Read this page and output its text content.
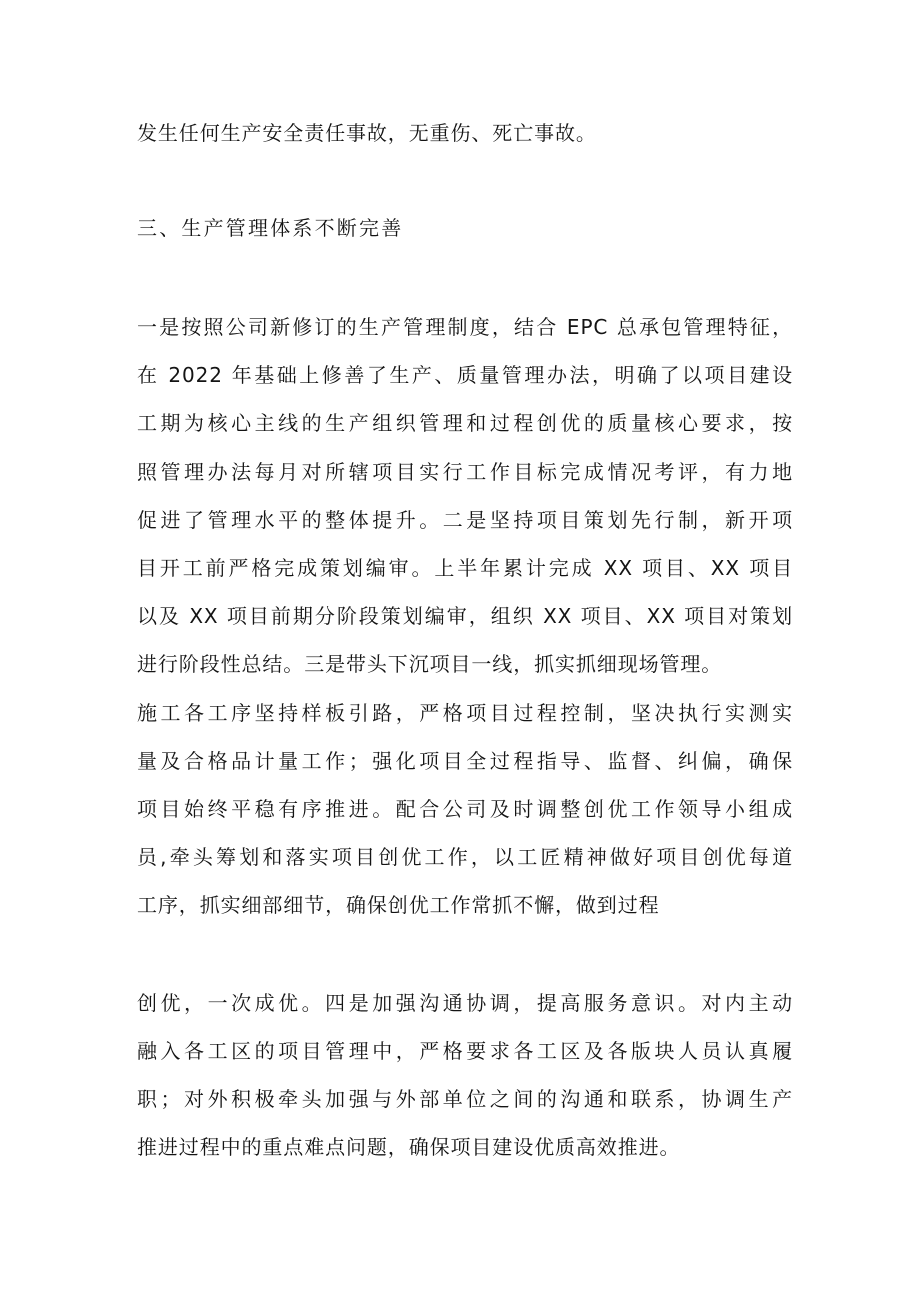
发生任何生产安全责任事故，无重伤、死亡事故。
三、生产管理体系不断完善
一是按照公司新修订的生产管理制度，结合 EPC 总承包管理特征，
在 2022 年基础上修善了生产、质量管理办法，明确了以项目建设
工期为核心主线的生产组织管理和过程创优的质量核心要求，按
照管理办法每月对所辖项目实行工作目标完成情况考评，有力地
促进了管理水平的整体提升。二是坚持项目策划先行制，新开项
目开工前严格完成策划编审。上半年累计完成 XX 项目、XX 项目
以及 XX 项目前期分阶段策划编审，组织 XX 项目、XX 项目对策划
进行阶段性总结。三是带头下沉项目一线，抓实抓细现场管理。
施工各工序坚持样板引路，严格项目过程控制，坚决执行实测实
量及合格品计量工作；强化项目全过程指导、监督、纠偏，确保
项目始终平稳有序推进。配合公司及时调整创优工作领导小组成
员,牵头筹划和落实项目创优工作，以工匠精神做好项目创优每道
工序，抓实细部细节，确保创优工作常抓不懈，做到过程
创优，一次成优。四是加强沟通协调，提高服务意识。对内主动
融入各工区的项目管理中，严格要求各工区及各版块人员认真履
职；对外积极牵头加强与外部单位之间的沟通和联系，协调生产
推进过程中的重点难点问题，确保项目建设优质高效推进。
